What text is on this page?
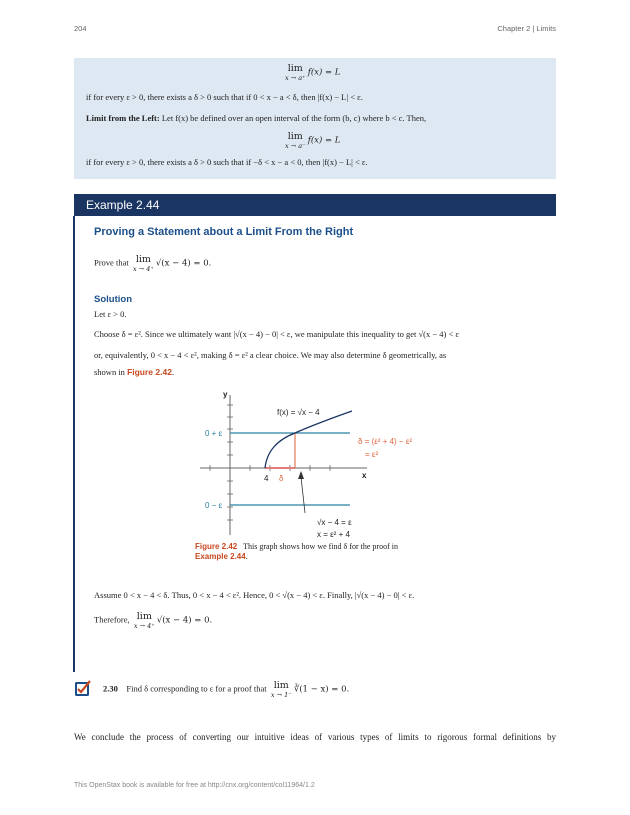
204	Chapter 2 | Limits
lim
x → a⁺
f(x) = L
if for every ε > 0, there exists a δ > 0 such that if 0 < x − a < δ, then |f(x) − L| < ε.
Limit from the Left: Let f(x) be defined over an open interval of the form (b, c) where b < c. Then,
lim
x → a⁻
f(x) = L
if for every ε > 0, there exists a δ > 0 such that if −δ < x − a < 0, then |f(x) − L| < ε.
Example 2.44
Proving a Statement about a Limit From the Right
Prove that lim
x → 4⁺
√(x − 4) = 0.
Solution
Let ε > 0.
Choose δ = ε². Since we ultimately want |√(x − 4) − 0| < ε, we manipulate this inequality to get √(x − 4) < ε
or, equivalently, 0 < x − 4 < ε², making δ = ε² a clear choice. We may also determine δ geometrically, as
shown in Figure 2.42.
y
x
f(x) = √x − 4
0 + ε
0 − ε
4 δ
δ = (ε² + 4) − ε²
= ε²
√x − 4 = ε
x = ε² + 4
Figure 2.42 This graph shows how we find δ for the proof in
Example 2.44.
Assume 0 < x − 4 < δ. Thus, 0 < x − 4 < ε². Hence, 0 < √(x − 4) < ε. Finally, |√(x − 4) − 0| < ε.
Therefore, lim
x → 4⁺
√(x − 4) = 0.
2.30 Find δ corresponding to ε for a proof that lim
x → 1⁻
∛(1 − x) = 0.
We conclude the process of converting our intuitive ideas of various types of limits to rigorous formal definitions by
This OpenStax book is available for free at http://cnx.org/content/col11964/1.2
